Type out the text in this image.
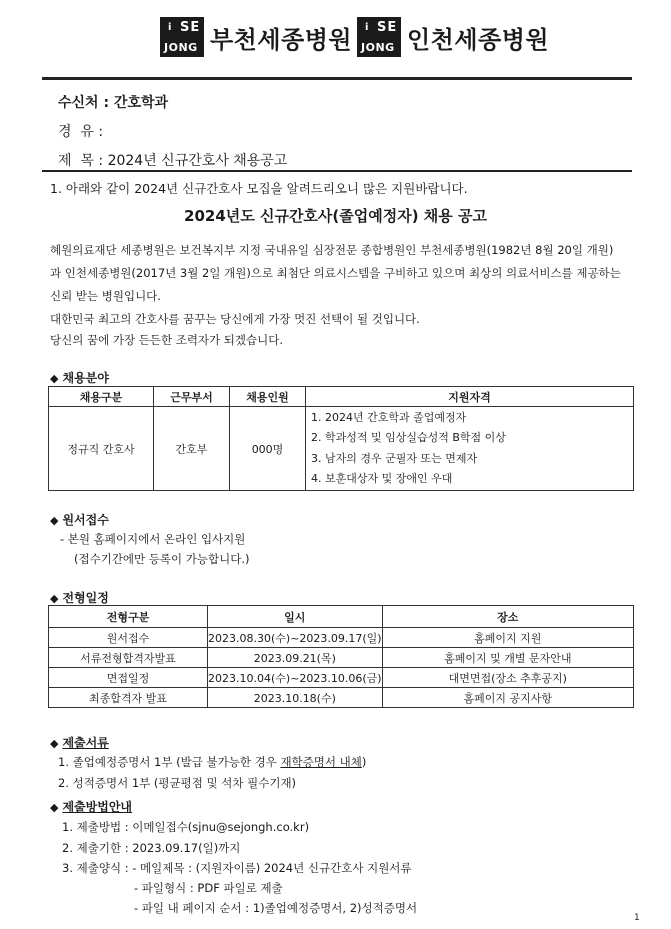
i SE
JONG 부천세종병원 i SE
JONG 인천세종병원
수신처 : 간호학과
경  유 :
제  목 : 2024년 신규간호사 채용공고
1. 아래와 같이 2024년 신규간호사 모집을 알려드리오니 많은 지원바랍니다.
2024년도 신규간호사(졸업예정자) 채용 공고
혜원의료재단 세종병원은 보건복지부 지정 국내유일 심장전문 종합병원인 부천세종병원(1982년 8월 20일 개원)
과 인천세종병원(2017년 3월 2일 개원)으로 최첨단 의료시스템을 구비하고 있으며 최상의 의료서비스를 제공하는
신뢰 받는 병원입니다.
대한민국 최고의 간호사를 꿈꾸는 당신에게 가장 멋진 선택이 될 것입니다.
당신의 꿈에 가장 든든한 조력자가 되겠습니다.
◆ 채용분야
채용구분	근무부서	채용인원	지원자격
정규직 간호사	간호부	000명	1. 2024년 간호학과 졸업예정자
2. 학과성적 및 임상실습성적 B학점 이상
3. 남자의 경우 군필자 또는 면제자
4. 보훈대상자 및 장애인 우대
◆ 원서접수
- 본원 홈페이지에서 온라인 입사지원
(접수기간에만 등록이 가능합니다.)
◆ 전형일정
전형구분	일시	장소
원서접수	2023.08.30(수)~2023.09.17(일)	홈페이지 지원
서류전형합격자발표	2023.09.21(목)	홈페이지 및 개별 문자안내
면접일정	2023.10.04(수)~2023.10.06(금)	대면면접(장소 추후공지)
최종합격자 발표	2023.10.18(수)	홈페이지 공지사항
◆ 제출서류
1. 졸업예정증명서 1부 (발급 불가능한 경우 재학증명서 내체)
2. 성적증명서 1부 (평균평점 및 석차 필수기재)
◆ 제출방법안내
1. 제출방법 : 이메일접수(sjnu@sejongh.co.kr)
2. 제출기한 : 2023.09.17(일)까지
3. 제출양식 : - 메일제목 : (지원자이름) 2024년 신규간호사 지원서류
- 파일형식 : PDF 파일로 제출
- 파일 내 페이지 순서 : 1)졸업예정증명서, 2)성적증명서
1
